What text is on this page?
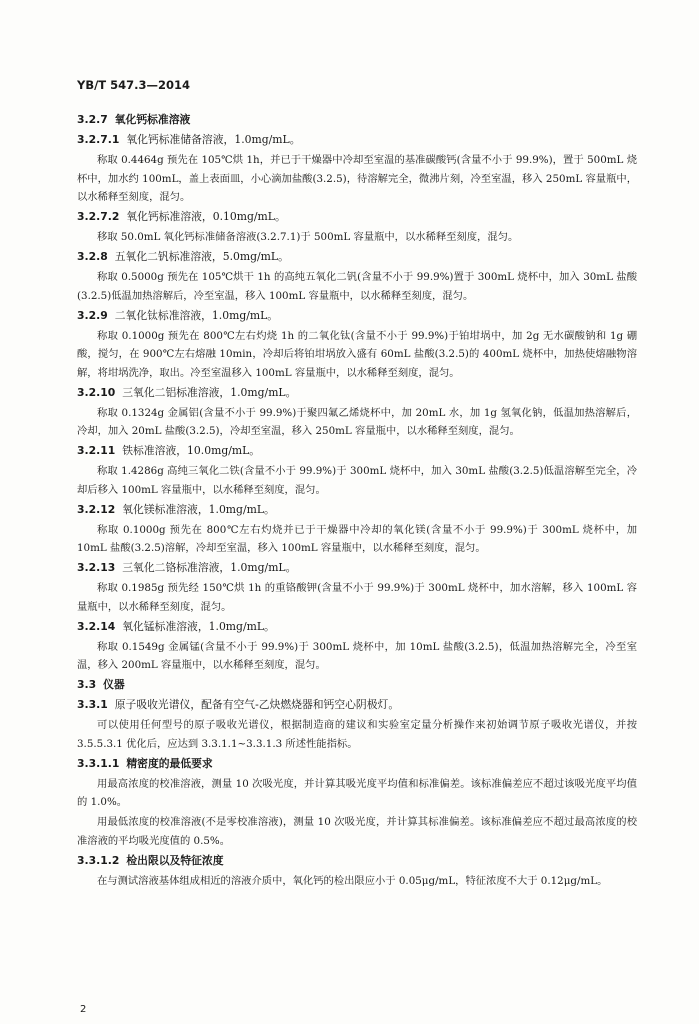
YB/T 547.3—2014
3.2.7 氧化钙标准溶液
3.2.7.1 氧化钙标准储备溶液，1.0mg/mL。
称取 0.4464g 预先在 105℃烘 1h，并已于干燥器中冷却至室温的基准碳酸钙(含量不小于 99.9%)，置于 500mL 烧杯中，加水约 100mL，盖上表面皿，小心滴加盐酸(3.2.5)，待溶解完全，微沸片刻，冷至室温，移入 250mL 容量瓶中，以水稀释至刻度，混匀。
3.2.7.2 氧化钙标准溶液，0.10mg/mL。
移取 50.0mL 氧化钙标准储备溶液(3.2.7.1)于 500mL 容量瓶中，以水稀释至刻度，混匀。
3.2.8 五氧化二钒标准溶液，5.0mg/mL。
称取 0.5000g 预先在 105℃烘干 1h 的高纯五氧化二钒(含量不小于 99.9%)置于 300mL 烧杯中，加入 30mL 盐酸(3.2.5)低温加热溶解后，冷至室温，移入 100mL 容量瓶中，以水稀释至刻度，混匀。
3.2.9 二氧化钛标准溶液，1.0mg/mL。
称取 0.1000g 预先在 800℃左右灼烧 1h 的二氧化钛(含量不小于 99.9%)于铂坩埚中，加 2g 无水碳酸钠和 1g 硼酸，搅匀，在 900℃左右熔融 10min，冷却后将铂坩埚放入盛有 60mL 盐酸(3.2.5)的 400mL 烧杯中，加热使熔融物溶解，将坩埚洗净，取出。冷至室温移入 100mL 容量瓶中，以水稀释至刻度，混匀。
3.2.10 三氧化二铝标准溶液，1.0mg/mL。
称取 0.1324g 金属铝(含量不小于 99.9%)于聚四氟乙烯烧杯中，加 20mL 水，加 1g 氢氧化钠，低温加热溶解后，冷却，加入 20mL 盐酸(3.2.5)，冷却至室温，移入 250mL 容量瓶中，以水稀释至刻度，混匀。
3.2.11 铁标准溶液，10.0mg/mL。
称取 1.4286g 高纯三氧化二铁(含量不小于 99.9%)于 300mL 烧杯中，加入 30mL 盐酸(3.2.5)低温溶解至完全，冷却后移入 100mL 容量瓶中，以水稀释至刻度，混匀。
3.2.12 氧化镁标准溶液，1.0mg/mL。
称取 0.1000g 预先在 800℃左右灼烧并已于干燥器中冷却的氧化镁(含量不小于 99.9%)于 300mL 烧杯中，加 10mL 盐酸(3.2.5)溶解，冷却至室温，移入 100mL 容量瓶中，以水稀释至刻度，混匀。
3.2.13 三氧化二铬标准溶液，1.0mg/mL。
称取 0.1985g 预先经 150℃烘 1h 的重铬酸钾(含量不小于 99.9%)于 300mL 烧杯中，加水溶解，移入 100mL 容量瓶中，以水稀释至刻度，混匀。
3.2.14 氧化锰标准溶液，1.0mg/mL。
称取 0.1549g 金属锰(含量不小于 99.9%)于 300mL 烧杯中，加 10mL 盐酸(3.2.5)，低温加热溶解完全，冷至室温，移入 200mL 容量瓶中，以水稀释至刻度，混匀。
3.3 仪器
3.3.1 原子吸收光谱仪，配备有空气-乙炔燃烧器和钙空心阴极灯。
可以使用任何型号的原子吸收光谱仪，根据制造商的建议和实验室定量分析操作来初始调节原子吸收光谱仪，并按 3.5.5.3.1 优化后，应达到 3.3.1.1~3.3.1.3 所述性能指标。
3.3.1.1 精密度的最低要求
用最高浓度的校准溶液，测量 10 次吸光度，并计算其吸光度平均值和标准偏差。该标准偏差应不超过该吸光度平均值的 1.0%。
用最低浓度的校准溶液(不是零校准溶液)，测量 10 次吸光度，并计算其标准偏差。该标准偏差应不超过最高浓度的校准溶液的平均吸光度值的 0.5%。
3.3.1.2 检出限以及特征浓度
在与测试溶液基体组成相近的溶液介质中，氧化钙的检出限应小于 0.05μg/mL，特征浓度不大于 0.12μg/mL。
2
